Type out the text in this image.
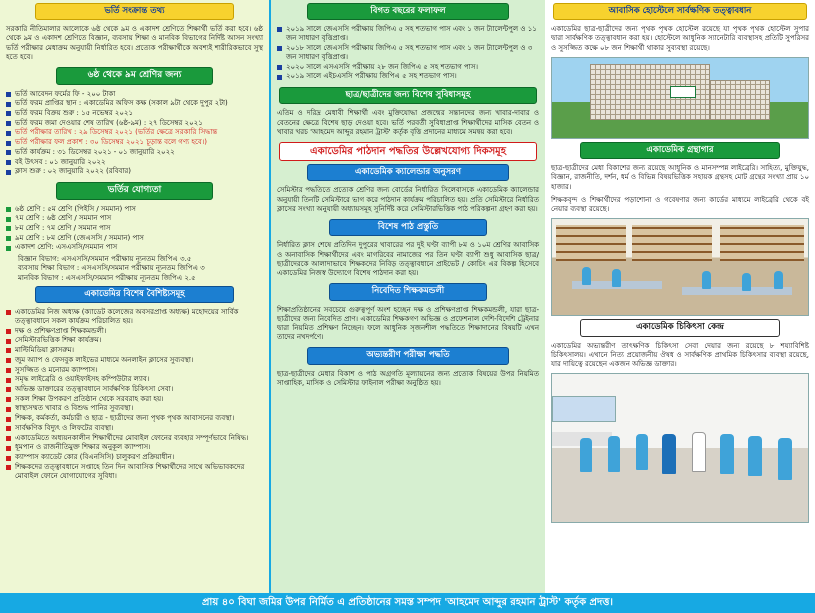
ভর্তি সংক্রান্ত তথ্য
সরকারি নীতিমালার আলোকে ৬ষ্ঠ থেকে ৯ম ও একাদশ শ্রেণিতে শিক্ষার্থী ভর্তি করা হবে। ৬ষ্ঠ থেকে ৯ম ও একাদশ শ্রেণিতে বিজ্ঞান, ব্যবসায় শিক্ষা ও মানবিক বিভাগের নির্দিষ্ট আসন সংখ্যা ভর্তি পরীক্ষার মেধাক্রম অনুযায়ী নির্ধারিত হবে। প্রত্যেক পরীক্ষার্থীকে অবশ্যই শারীরিকভাবে সুস্থ হতে হবে।
৬ষ্ঠ থেকে ৯ম শ্রেণির জন্য
ভর্তি আবেদন ফর্মের ফি - ২০০ টাকা
ভর্তি ফরম প্রাপ্তির স্থান : একাডেমির অফিস কক্ষ (সকাল ৯টা থেকে দুপুর ২টা)
ভর্তি ফরম বিক্রয় শুরু : ১৫ নভেম্বর ২০২১
ভর্তি ফরম জমা দেওয়ার শেষ তারিখ (৬ষ্ঠ-৯ম) : ২৭ ডিসেম্বর ২০২১
ভর্তি পরীক্ষার তারিখ : ২৯ ডিসেম্বর ২০২১ (ভর্তির ক্ষেত্রে সরকারি সিদ্ধান্ত
ভর্তি পরীক্ষার ফল প্রকাশ : ৩০ ডিসেম্বর ২০২১ চূড়ান্ত বলে গণ্য হবে।)
ভর্তি কার্যক্রম : ৩১ ডিসেম্বর ২০২১ - ০১ জানুয়ারি ২০২২
বই উৎসব : ০১ জানুয়ারি ২০২২
ক্লাস শুরু : ০২ জানুয়ারি ২০২২ (রবিবার)
ভর্তির যোগ্যতা
৬ষ্ঠ শ্রেণি : ৫ম শ্রেণি (পিইসি / সমমান) পাস
৭ম শ্রেণি : ৬ষ্ঠ শ্রেণি / সমমান পাস
৮ম শ্রেণি : ৭ম শ্রেণি / সমমান পাস
৯ম শ্রেণি : ৮ম শ্রেণি (জেএসসি / সমমান) পাস
একাদশ শ্রেণি: এসএসসি/সমমান পাস
বিজ্ঞান বিভাগ: এসএসসি/সমমান পরীক্ষায় ন্যূনতম জিপিএ ৩.৫
ব্যবসায় শিক্ষা বিভাগ : এসএসসি/সমমান পরীক্ষায় ন্যূনতম জিপিএ ৩
মানবিক বিভাগ : এসএসসি/সমমান পরীক্ষায় ন্যূনতম জিপিএ ২.৫
একাডেমির বিশেষ বৈশিষ্ট্যসমূহ
একাডেমির নিজ অধ্যক্ষ (ক্যাডেট কলেজের অবসরপ্রাপ্ত অধ্যক্ষ) মহোদয়ের সার্বিক তত্ত্বাবধানে সকল কার্যক্রম পরিচালিত হয়।
দক্ষ ও প্রশিক্ষণপ্রাপ্ত শিক্ষকমন্ডলী।
সেমিস্টারভিত্তিক শিক্ষা কার্যক্রম।
মাল্টিমিডিয়া ক্লাসরুম।
জুম অ্যাপ ও ফেসবুক লাইভের মাধ্যমে অনলাইন ক্লাসের সুব্যবস্থা।
সুসজ্জিত ও মনোরম ক্যাম্পাস।
সমৃদ্ধ লাইব্রেরি ও ওয়াইফাইসহ কম্পিউটার ল্যাব।
অভিজ্ঞ ডাক্তারের তত্ত্বাবধানে সার্বক্ষণিক চিকিৎসা সেবা।
সকল শিক্ষা উপকরণ প্রতিষ্ঠান থেকে সরবরাহ করা হয়।
স্বাস্থ্যসম্মত খাবার ও বিশুদ্ধ পানির সুব্যবস্থা।
শিক্ষক, কর্মকর্তা, কর্মচারী ও ছাত্র - ছাত্রীদের জন্য পৃথক পৃথক আবাসনের ব্যবস্থা।
সার্বক্ষণিক বিদ্যুৎ ও লিফটের ব্যবস্থা।
একাডেমিতে অধ্যয়নকালীন শিক্ষার্থীদের মোবাইল ফোনের ব্যবহার সম্পূর্ণভাবে নিষিদ্ধ।
ধূমপান ও রাজনীতিমুক্ত শিক্ষার অনুকূল ক্যাম্পাস।
ক্যাম্পাস ক্যাডেট কোর (বিএনসিসি) চালুকরণ প্রক্রিয়াধীন।
শিক্ষকদের তত্ত্বাবধানে সপ্তাহে তিন দিন আবাসিক শিক্ষার্থীদের সাথে অভিভাবকদের মোবাইল ফোনে যোগাযোগের সুবিধা।
বিগত বছরের ফলাফল
২০১৯ সালে জেএসসি পরীক্ষায় জিপিএ ৫ সহ শতভাগ পাস এবং ১ জন ট্যালেন্টপুল ও ১১ জন সাধারণ বৃত্তিপ্রাপ্ত।
২০১৮ সালে জেএসসি পরীক্ষায় জিপিএ ৫ সহ শতভাগ পাস এবং ১ জন ট্যালেন্টপুল ও ৩ জন সাধারণ বৃত্তিপ্রাপ্ত।
২০২০ সালে এসএসসি পরীক্ষায় ২৮ জন জিপিএ ৫ সহ শতভাগ পাস।
২০১৯ সালে এইচএসসি পরীক্ষায় জিপিএ ৫ সহ শতভাগ পাস।
ছাত্র/ছাত্রীদের জন্য বিশেষ সুবিধাসমূহ
এতিম ও দরিদ্র মেধাবী শিক্ষার্থী এবং মুক্তিযোদ্ধা প্রজন্মের সন্তানদের জন্য খাবার-দাবার ও বেতনের ক্ষেত্রে বিশেষ ছাড় দেওয়া হবে। ভর্তি পরবর্তী সুবিধাপ্রাপ্ত শিক্ষার্থীদের মাসিক বেতন ও খাবার খরচ 'আহমেদ আব্দুর রহমান ট্রাস্ট' কর্তৃক বৃত্তি প্রদানের মাধ্যমে সমন্বয় করা হবে।
একাডেমির পাঠদান পদ্ধতির উল্লেখযোগ্য দিকসমূহ
একাডেমিক ক্যালেন্ডার অনুসরণ
সেমিস্টার পদ্ধতিতে প্রত্যেক শ্রেণির জন্য বোর্ডের নির্ধারিত সিলেবাসকে একাডেমিক ক্যালেন্ডার অনুযায়ী তিনটি সেমিস্টারে ভাগ করে পাঠদান কার্যক্রম পরিচালিত হয়। প্রতি সেমিস্টারে নির্ধারিত ক্লাসের সংখ্যা অনুযায়ী অধ্যায়সমূহ সুনির্দিষ্ট করে সেমিস্টারভিত্তিক পাঠ পরিকল্পনা গ্রহণ করা হয়।
বিশেষ পাঠ প্রস্তুতি
নির্ধারিত ক্লাস শেষে প্রতিদিন দুপুরের খাবারের পর দুই ঘণ্টা ব্যাপী ৮ম ও ১০ম শ্রেণির আবাসিক ও অনাবাসিক শিক্ষার্থীদের এবং মাগরিবের নামাজের পর তিন ঘণ্টা ব্যাপী শুধু আবাসিক ছাত্র/ছাত্রীদেরকে আলাদাভাবে শিক্ষকদের নিবিড় তত্ত্বাবধানে প্রাইভেট / কোচিং এর বিকল্প হিসেবে একাডেমির নিজস্ব উদ্যোগে বিশেষ পাঠদান করা হয়।
নিবেদিত শিক্ষকমন্ডলী
শিক্ষাপ্রতিষ্ঠানের সবচেয়ে গুরুত্বপূর্ণ অংশ হচ্ছেন দক্ষ ও প্রশিক্ষণপ্রাপ্ত শিক্ষকমন্ডলী, যারা ছাত্র-ছাত্রীদের জন্য নিবেদিত প্রাণ। একাডেমির শিক্ষকগণ অভিজ্ঞ ও প্রফেশনাল দেশি-বিদেশি ট্রেইনার দ্বারা নিয়মিত প্রশিক্ষণ নিচ্ছেন। ফলে আধুনিক সৃজনশীল পদ্ধতিতে শিক্ষাদানের বিষয়টি এখন তাদের নখদর্পণে।
অভ্যন্তরীণ পরীক্ষা পদ্ধতি
ছাত্র-ছাত্রীদের মেধার বিকাশ ও পাঠ অগ্রগতি মূল্যায়নের জন্য প্রত্যেক বিষয়ের উপর নিয়মিত সাপ্তাহিক, মাসিক ও সেমিস্টার ফাইনাল পরীক্ষা অনুষ্ঠিত হয়।
আবাসিক হোস্টেলে সার্বক্ষণিক তত্ত্বাবধান
একাডেমির ছাত্র-ছাত্রীদের জন্য পৃথক পৃথক হোস্টেল রয়েছে যা পৃথক পৃথক হোস্টেল সুপার দ্বারা সার্বক্ষণিক তত্ত্বাবধান করা হয়। হোস্টেলে আধুনিক স্যানেটারি ব্যবস্থাসহ প্রতিটি সুপরিসর ও সুসজ্জিত কক্ষে ০৮ জন শিক্ষার্থী থাকার সুব্যবস্থা রয়েছে।
একাডেমিক গ্রন্থাগার
ছাত্র-ছাত্রীদের মেধা বিকাশের জন্য রয়েছে আধুনিক ও মানসম্পন্ন লাইব্রেরি। সাহিত্য, মুক্তিযুদ্ধ, বিজ্ঞান, রাজনীতি, দর্শন, ধর্ম ও বিভিন্ন বিষয়ভিত্তিক সহায়ক গ্রন্থসহ মোট গ্রন্থের সংখ্যা প্রায় ১০ হাজার।
শিক্ষকবৃন্দ ও শিক্ষার্থীদের পড়াশোনা ও গবেষণার জন্য কার্ডের মাধ্যমে লাইব্রেরি থেকে বই নেয়ার ব্যবস্থা রয়েছে।
একাডেমিক চিকিৎসা কেন্দ্র
একাডেমির অভ্যন্তরীণ তাৎক্ষণিক চিকিৎসা সেবা দেয়ার জন্য রয়েছে ৮ শয্যাবিশিষ্ট চিকিৎসালয়। এখানে নিত্য প্রয়োজনীয় ঔষধ ও সার্বক্ষণিক প্রাথমিক চিকিৎসার ব্যবস্থা রয়েছে, যার দায়িত্বে রয়েছেন একজন অভিজ্ঞ ডাক্তার।
প্রায় ৪০ বিঘা জমির উপর নির্মিত এ প্রতিষ্ঠানের সমস্ত সম্পদ 'আহমেদ আব্দুর রহমান ট্রাস্ট' কর্তৃক প্রদত্ত।
